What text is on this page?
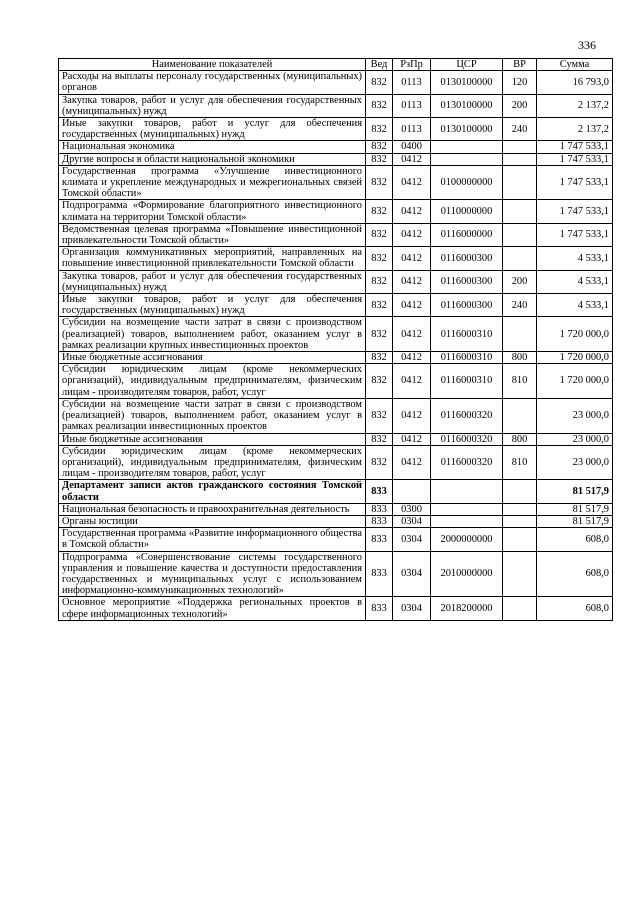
336
Наименование показателей	Вед	РзПр	ЦСР	ВР	Сумма
Расходы на выплаты персоналу государственных (муниципальных) органов	832	0113	0130100000	120	16 793,0
Закупка товаров, работ и услуг для обеспечения государственных (муниципальных) нужд	832	0113	0130100000	200	2 137,2
Иные закупки товаров, работ и услуг для обеспечения государственных (муниципальных) нужд	832	0113	0130100000	240	2 137,2
Национальная экономика	832	0400			1 747 533,1
Другие вопросы в области национальной экономики	832	0412			1 747 533,1
Государственная программа «Улучшение инвестиционного климата и укрепление международных и межрегиональных связей Томской области»	832	0412	0100000000		1 747 533,1
Подпрограмма «Формирование благоприятного инвестиционного климата на территории Томской области»	832	0412	0110000000		1 747 533,1
Ведомственная целевая программа «Повышение инвестиционной привлекательности Томской области»	832	0412	0116000000		1 747 533,1
Организация коммуникативных мероприятий, направленных на повышение инвестиционной привлекательности Томской области	832	0412	0116000300		4 533,1
Закупка товаров, работ и услуг для обеспечения государственных (муниципальных) нужд	832	0412	0116000300	200	4 533,1
Иные закупки товаров, работ и услуг для обеспечения государственных (муниципальных) нужд	832	0412	0116000300	240	4 533,1
Субсидии на возмещение части затрат в связи с производством (реализацией) товаров, выполнением работ, оказанием услуг в рамках реализации крупных инвестиционных проектов	832	0412	0116000310		1 720 000,0
Иные бюджетные ассигнования	832	0412	0116000310	800	1 720 000,0
Субсидии юридическим лицам (кроме некоммерческих организаций), индивидуальным предпринимателям, физическим лицам - производителям товаров, работ, услуг	832	0412	0116000310	810	1 720 000,0
Субсидии на возмещение части затрат в связи с производством (реализацией) товаров, выполнением работ, оказанием услуг в рамках реализации инвестиционных проектов	832	0412	0116000320		23 000,0
Иные бюджетные ассигнования	832	0412	0116000320	800	23 000,0
Субсидии юридическим лицам (кроме некоммерческих организаций), индивидуальным предпринимателям, физическим лицам - производителям товаров, работ, услуг	832	0412	0116000320	810	23 000,0
Департамент записи актов гражданского состояния Томской области	833				81 517,9
Национальная безопасность и правоохранительная деятельность	833	0300			81 517,9
Органы юстиции	833	0304			81 517,9
Государственная программа «Развитие информационного общества в Томской области»	833	0304	2000000000		608,0
Подпрограмма «Совершенствование системы государственного управления и повышение качества и доступности предоставления государственных и муниципальных услуг с использованием информационно-коммуникационных технологий»	833	0304	2010000000		608,0
Основное мероприятие «Поддержка региональных проектов в сфере информационных технологий»	833	0304	2018200000		608,0
